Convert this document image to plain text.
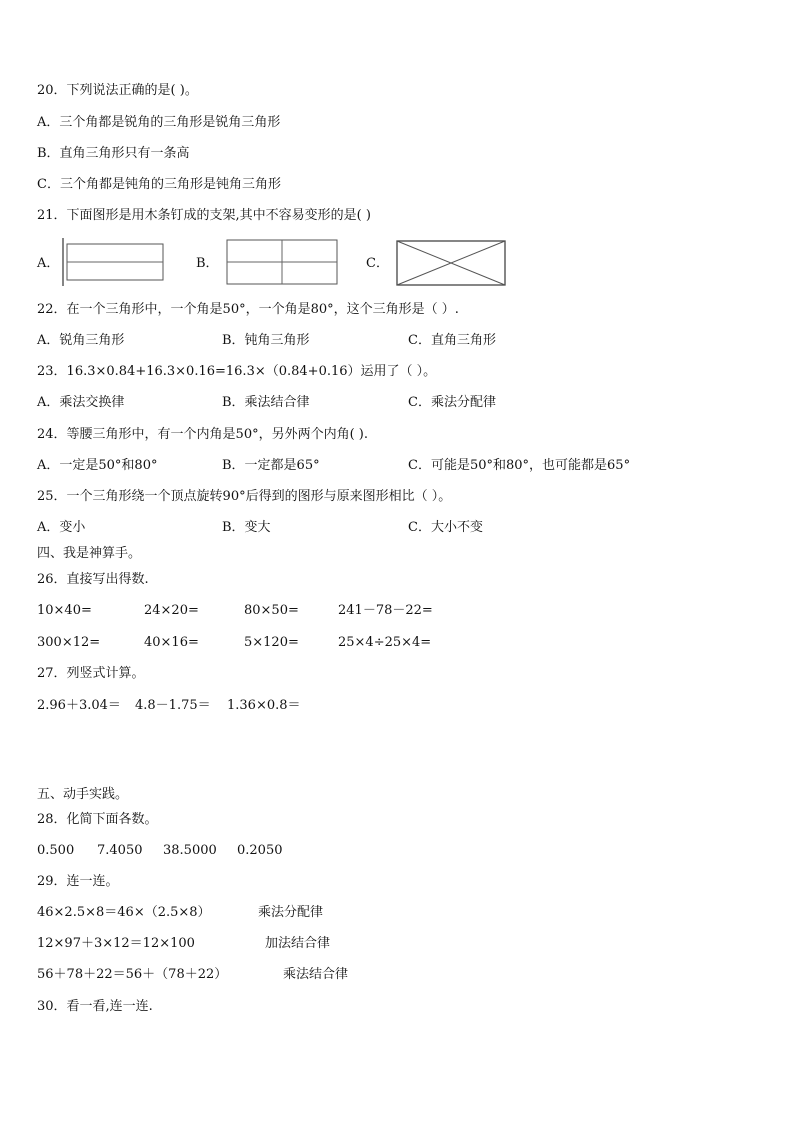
20．下列说法正确的是( )。
A．三个角都是锐角的三角形是锐角三角形
B．直角三角形只有一条高
C．三个角都是钝角的三角形是钝角三角形
21．下面图形是用木条钉成的支架,其中不容易变形的是( )
A．	B．	C．
22．在一个三角形中，一个角是50°，一个角是80°，这个三角形是（ ）.
A．锐角三角形	B．钝角三角形	C．直角三角形
23．16.3×0.84+16.3×0.16=16.3×（0.84+0.16）运用了（ ）。
A．乘法交换律	B．乘法结合律	C．乘法分配律
24．等腰三角形中，有一个内角是50°，另外两个内角( ).
A．一定是50°和80°	B．一定都是65°	C．可能是50°和80°，也可能都是65°
25．一个三角形绕一个顶点旋转90°后得到的图形与原来图形相比（ ）。
A．变小	B．变大	C．大小不变
四、我是神算手。
26．直接写出得数.
10×40=	24×20=	80×50=	241－78－22=
300×12=	40×16=	5×120=	25×4÷25×4=
27．列竖式计算。
2.96＋3.04＝ 4.8－1.75＝ 1.36×0.8＝
五、动手实践。
28．化简下面各数。
0.500 7.4050 38.5000 0.2050
29．连一连。
46×2.5×8＝46×（2.5×8）	乘法分配律
12×97＋3×12＝12×100	加法结合律
56＋78＋22＝56＋（78＋22）	乘法结合律
30．看一看,连一连.
